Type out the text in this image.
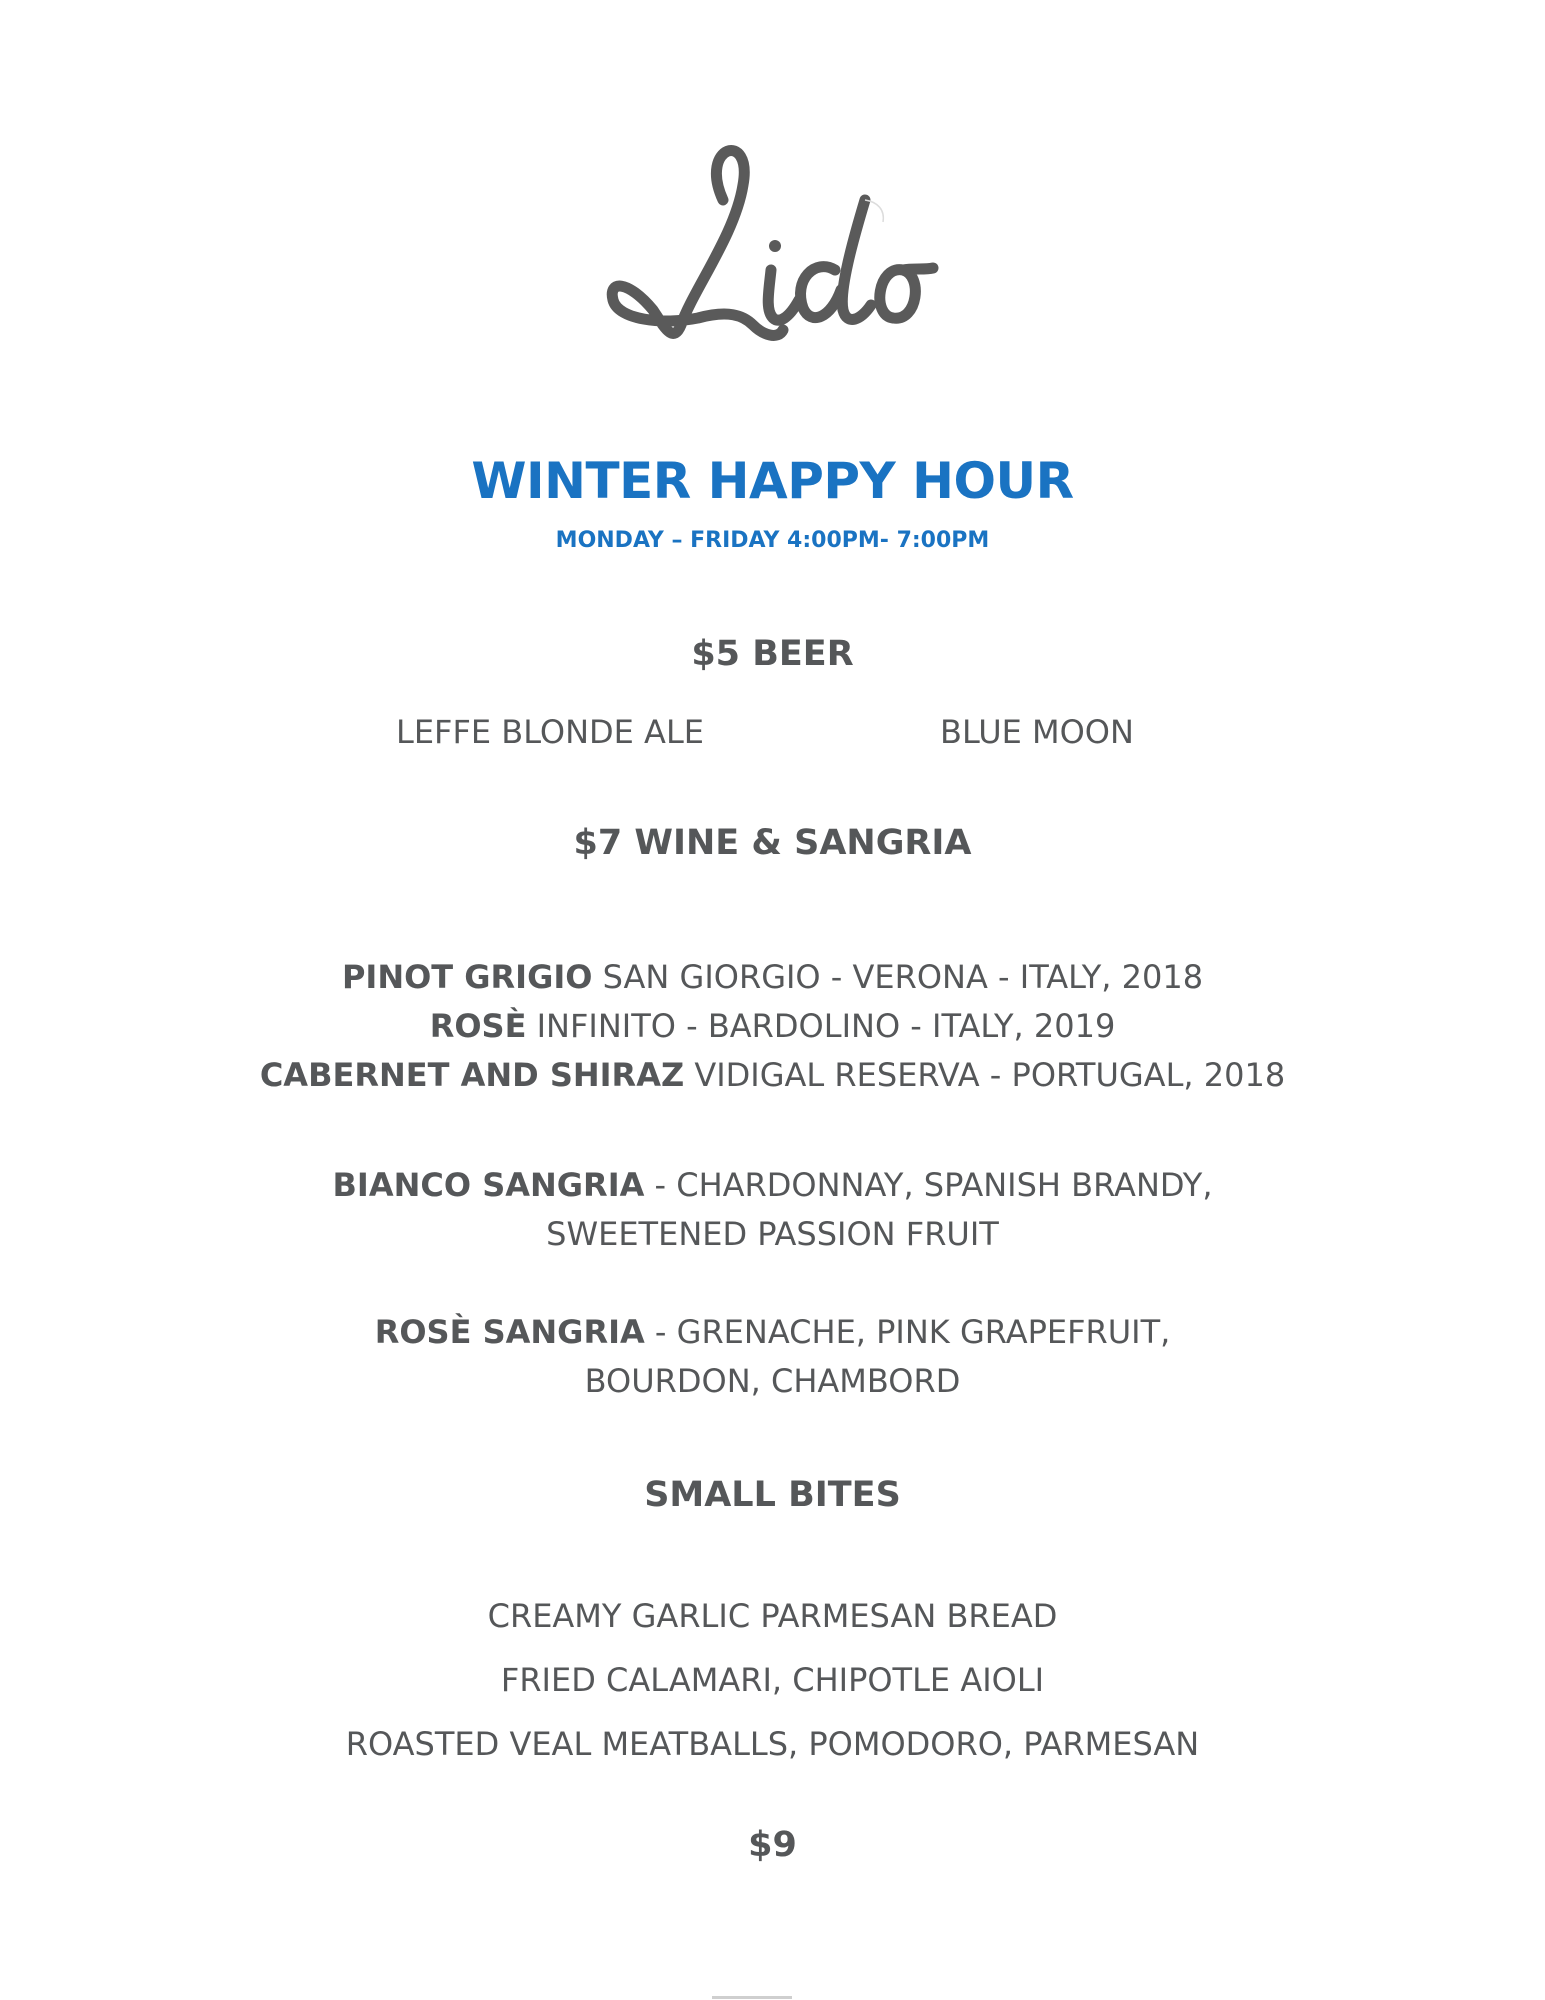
WINTER HAPPY HOUR
MONDAY – FRIDAY 4:00PM- 7:00PM
$5 BEER
LEFFE BLONDE ALE	BLUE MOON
$7 WINE & SANGRIA
PINOT GRIGIO SAN GIORGIO - VERONA - ITALY, 2018
ROSÈ INFINITO - BARDOLINO - ITALY, 2019
CABERNET AND SHIRAZ VIDIGAL RESERVA - PORTUGAL, 2018
BIANCO SANGRIA - CHARDONNAY, SPANISH BRANDY,
SWEETENED PASSION FRUIT
ROSÈ SANGRIA - GRENACHE, PINK GRAPEFRUIT,
BOURDON, CHAMBORD
SMALL BITES
CREAMY GARLIC PARMESAN BREAD
FRIED CALAMARI, CHIPOTLE AIOLI
ROASTED VEAL MEATBALLS, POMODORO, PARMESAN
$9
